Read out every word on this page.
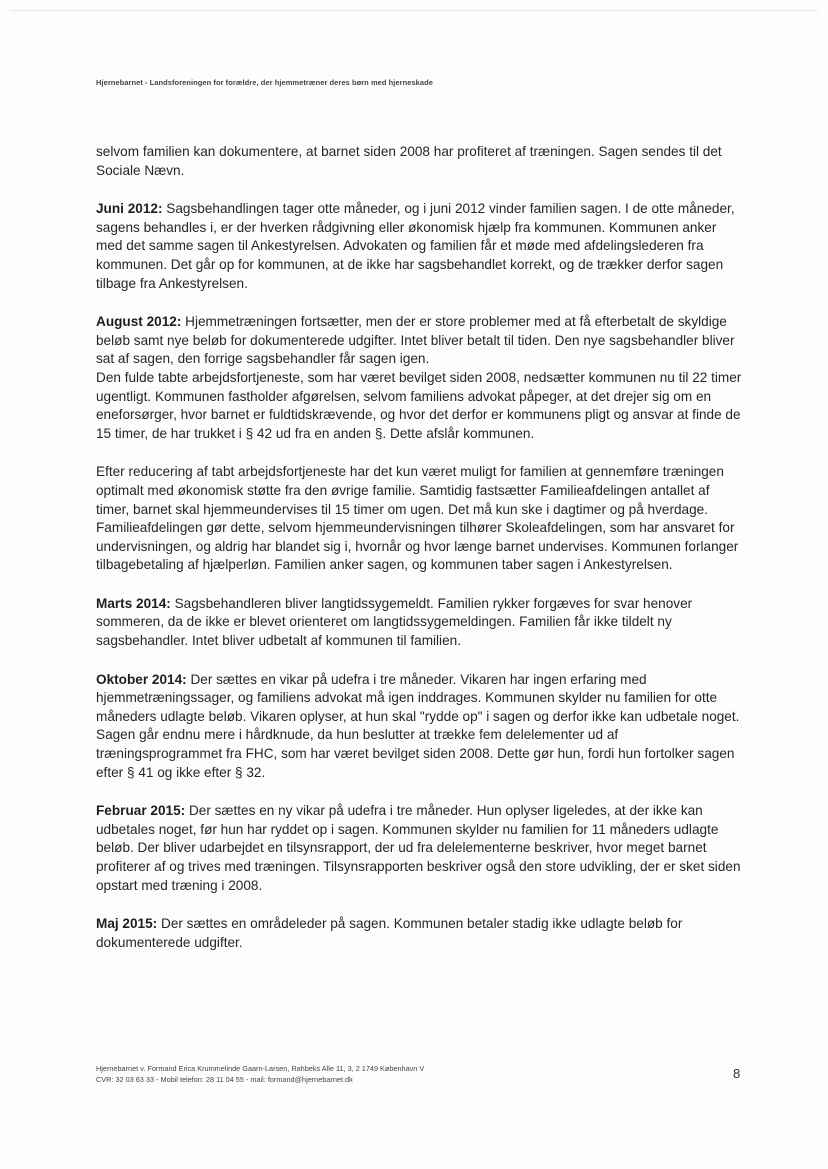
Hjernebarnet - Landsforeningen for forældre, der hjemmetræner deres børn med hjerneskade

selvom familien kan dokumentere, at barnet siden 2008 har profiteret af træningen. Sagen sendes til det Sociale Nævn.

Juni 2012: Sagsbehandlingen tager otte måneder, og i juni 2012 vinder familien sagen. I de otte måneder, sagens behandles i, er der hverken rådgivning eller økonomisk hjælp fra kommunen. Kommunen anker med det samme sagen til Ankestyrelsen. Advokaten og familien får et møde med afdelingslederen fra kommunen. Det går op for kommunen, at de ikke har sagsbehandlet korrekt, og de trækker derfor sagen tilbage fra Ankestyrelsen.

August 2012: Hjemmetræningen fortsætter, men der er store problemer med at få efterbetalt de skyldige beløb samt nye beløb for dokumenterede udgifter. Intet bliver betalt til tiden. Den nye sagsbehandler bliver sat af sagen, den forrige sagsbehandler får sagen igen.
Den fulde tabte arbejdsfortjeneste, som har været bevilget siden 2008, nedsætter kommunen nu til 22 timer ugentligt. Kommunen fastholder afgørelsen, selvom familiens advokat påpeger, at det drejer sig om en eneforsørger, hvor barnet er fuldtidskrævende, og hvor det derfor er kommunens pligt og ansvar at finde de 15 timer, de har trukket i § 42 ud fra en anden §. Dette afslår kommunen.

Efter reducering af tabt arbejdsfortjeneste har det kun været muligt for familien at gennemføre træningen optimalt med økonomisk støtte fra den øvrige familie. Samtidig fastsætter Familieafdelingen antallet af timer, barnet skal hjemmeundervises til 15 timer om ugen. Det må kun ske i dagtimer og på hverdage. Familieafdelingen gør dette, selvom hjemmeundervisningen tilhører Skoleafdelingen, som har ansvaret for undervisningen, og aldrig har blandet sig i, hvornår og hvor længe barnet undervises. Kommunen forlanger tilbagebetaling af hjælperløn. Familien anker sagen, og kommunen taber sagen i Ankestyrelsen.

Marts 2014: Sagsbehandleren bliver langtidssygemeldt. Familien rykker forgæves for svar henover sommeren, da de ikke er blevet orienteret om langtidssygemeldingen. Familien får ikke tildelt ny sagsbehandler. Intet bliver udbetalt af kommunen til familien.

Oktober 2014: Der sættes en vikar på udefra i tre måneder. Vikaren har ingen erfaring med hjemmetræningssager, og familiens advokat må igen inddrages. Kommunen skylder nu familien for otte måneders udlagte beløb. Vikaren oplyser, at hun skal "rydde op" i sagen og derfor ikke kan udbetale noget. Sagen går endnu mere i hårdknude, da hun beslutter at trække fem delelementer ud af træningsprogrammet fra FHC, som har været bevilget siden 2008. Dette gør hun, fordi hun fortolker sagen efter § 41 og ikke efter § 32.

Februar 2015: Der sættes en ny vikar på udefra i tre måneder. Hun oplyser ligeledes, at der ikke kan udbetales noget, før hun har ryddet op i sagen. Kommunen skylder nu familien for 11 måneders udlagte beløb. Der bliver udarbejdet en tilsynsrapport, der ud fra delelementerne beskriver, hvor meget barnet profiterer af og trives med træningen. Tilsynsrapporten beskriver også den store udvikling, der er sket siden opstart med træning i 2008.

Maj 2015: Der sættes en områdeleder på sagen. Kommunen betaler stadig ikke udlagte beløb for dokumenterede udgifter.

Hjernebarnet v. Formand Erica Krummelinde Gaarn-Larsen, Rahbeks Alle 11, 3, 2 1749 København V
CVR: 32 03 63 33 - Mobil telefon: 28 11 04 55 - mail: formand@hjernebarnet.dk	8
